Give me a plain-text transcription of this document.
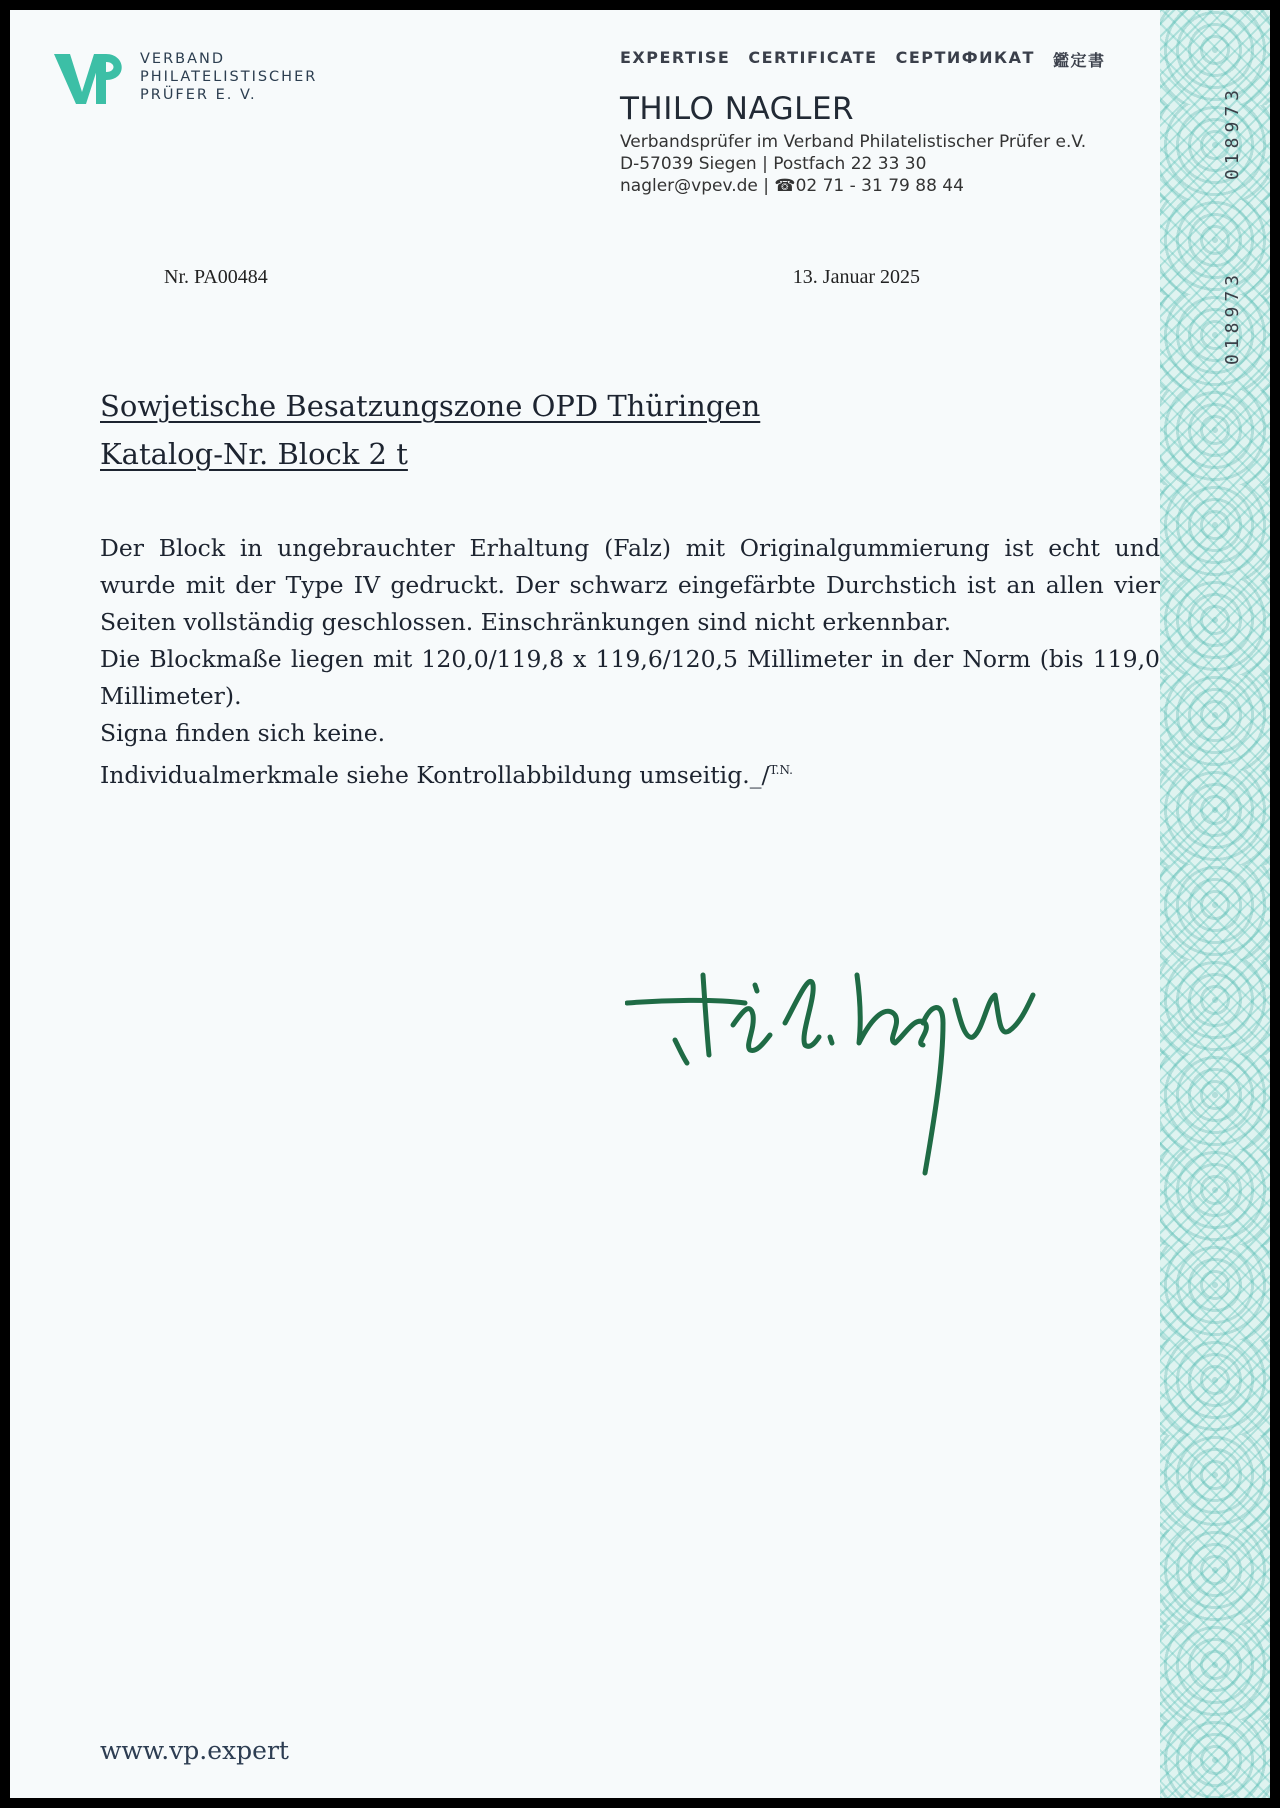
018973
018973
VERBAND
PHILATELISTISCHER
PRÜFER E. V.
EXPERTISE CERTIFICATE СЕРТИФИКАТ 鑑定書
THILO NAGLER
Verbandsprüfer im Verband Philatelistischer Prüfer e.V.
D-57039 Siegen | Postfach 22 33 30
nagler@vpev.de | ☎02 71 - 31 79 88 44
Nr. PA00484	13. Januar 2025
Sowjetische Besatzungszone OPD Thüringen
Katalog-Nr. Block 2 t

Der Block in ungebrauchter Erhaltung (Falz) mit Originalgummierung ist echt und wurde mit der Type IV gedruckt. Der schwarz eingefärbte Durchstich ist an allen vier Seiten vollständig geschlossen. Einschränkungen sind nicht erkennbar.

Die Blockmaße liegen mit 120,0/119,8 x 119,6/120,5 Millimeter in der Norm (bis 119,0 Millimeter).

Signa finden sich keine.

Individualmerkmale siehe Kontrollabbildung umseitig._/$^{T.N.}$

www.vp.expert
